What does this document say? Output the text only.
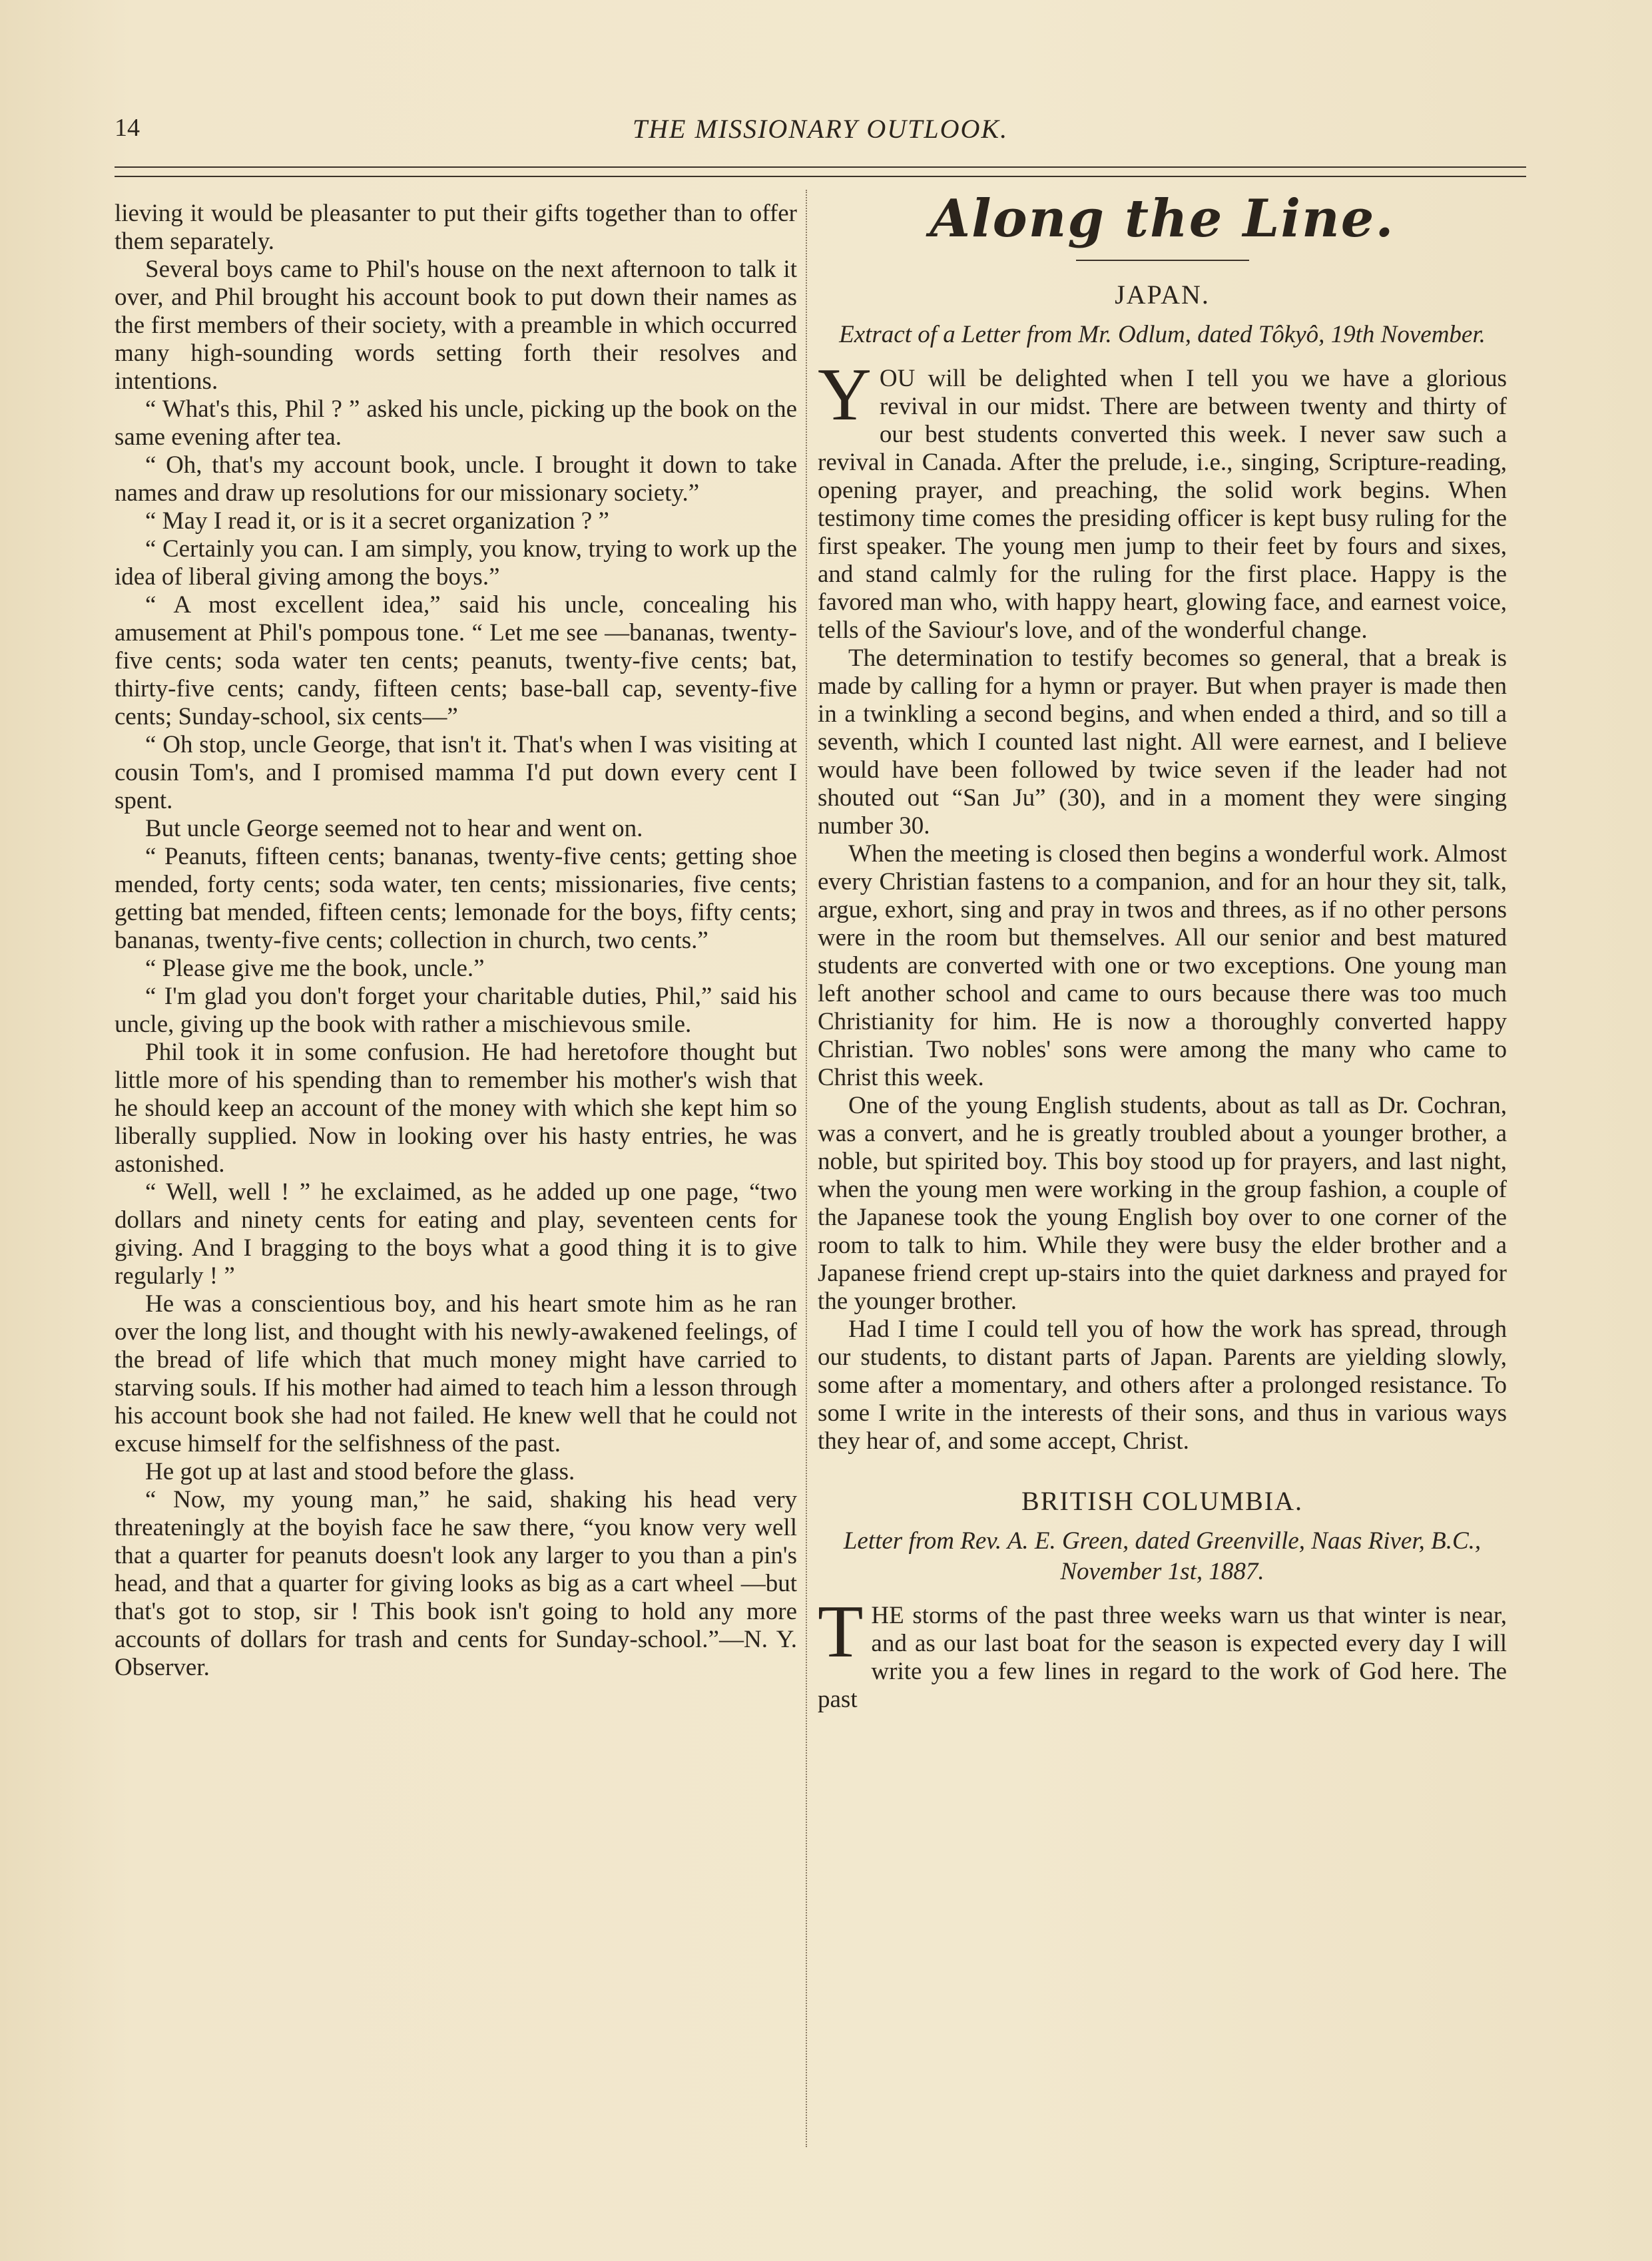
14	THE MISSIONARY OUTLOOK.

lieving it would be pleasanter to put their gifts together than to offer them separately.

Several boys came to Phil's house on the next afternoon to talk it over, and Phil brought his account book to put down their names as the first members of their society, with a preamble in which occurred many high-sounding words setting forth their resolves and intentions.

“ What's this, Phil ? ” asked his uncle, picking up the book on the same evening after tea.

“ Oh, that's my account book, uncle. I brought it down to take names and draw up resolutions for our missionary society.”

“ May I read it, or is it a secret organization ? ”

“ Certainly you can. I am simply, you know, trying to work up the idea of liberal giving among the boys.”

“ A most excellent idea,” said his uncle, concealing his amusement at Phil's pompous tone. “ Let me see —bananas, twenty-five cents; soda water ten cents; peanuts, twenty-five cents; bat, thirty-five cents; candy, fifteen cents; base-ball cap, seventy-five cents; Sunday-school, six cents—”

“ Oh stop, uncle George, that isn't it. That's when I was visiting at cousin Tom's, and I promised mamma I'd put down every cent I spent.

But uncle George seemed not to hear and went on.

“ Peanuts, fifteen cents; bananas, twenty-five cents; getting shoe mended, forty cents; soda water, ten cents; missionaries, five cents; getting bat mended, fifteen cents; lemonade for the boys, fifty cents; bananas, twenty-five cents; collection in church, two cents.”

“ Please give me the book, uncle.”

“ I'm glad you don't forget your charitable duties, Phil,” said his uncle, giving up the book with rather a mischievous smile.

Phil took it in some confusion. He had heretofore thought but little more of his spending than to remember his mother's wish that he should keep an account of the money with which she kept him so liberally supplied. Now in looking over his hasty entries, he was astonished.

“ Well, well ! ” he exclaimed, as he added up one page, “two dollars and ninety cents for eating and play, seventeen cents for giving. And I bragging to the boys what a good thing it is to give regularly ! ”

He was a conscientious boy, and his heart smote him as he ran over the long list, and thought with his newly-awakened feelings, of the bread of life which that much money might have carried to starving souls. If his mother had aimed to teach him a lesson through his account book she had not failed. He knew well that he could not excuse himself for the selfishness of the past.

He got up at last and stood before the glass.

“ Now, my young man,” he said, shaking his head very threateningly at the boyish face he saw there, “you know very well that a quarter for peanuts doesn't look any larger to you than a pin's head, and that a quarter for giving looks as big as a cart wheel —but that's got to stop, sir ! This book isn't going to hold any more accounts of dollars for trash and cents for Sunday-school.”—N. Y. Observer.

Along the Line.
JAPAN.
Extract of a Letter from Mr. Odlum, dated Tôkyô, 19th November.

YOU will be delighted when I tell you we have a glorious revival in our midst. There are between twenty and thirty of our best students converted this week. I never saw such a revival in Canada. After the prelude, i.e., singing, Scripture-reading, opening prayer, and preaching, the solid work begins. When testimony time comes the presiding officer is kept busy ruling for the first speaker. The young men jump to their feet by fours and sixes, and stand calmly for the ruling for the first place. Happy is the favored man who, with happy heart, glowing face, and earnest voice, tells of the Saviour's love, and of the wonderful change.

The determination to testify becomes so general, that a break is made by calling for a hymn or prayer. But when prayer is made then in a twinkling a second begins, and when ended a third, and so till a seventh, which I counted last night. All were earnest, and I believe would have been followed by twice seven if the leader had not shouted out “San Ju” (30), and in a moment they were singing number 30.

When the meeting is closed then begins a wonderful work. Almost every Christian fastens to a companion, and for an hour they sit, talk, argue, exhort, sing and pray in twos and threes, as if no other persons were in the room but themselves. All our senior and best matured students are converted with one or two exceptions. One young man left another school and came to ours because there was too much Christianity for him. He is now a thoroughly converted happy Christian. Two nobles' sons were among the many who came to Christ this week.

One of the young English students, about as tall as Dr. Cochran, was a convert, and he is greatly troubled about a younger brother, a noble, but spirited boy. This boy stood up for prayers, and last night, when the young men were working in the group fashion, a couple of the Japanese took the young English boy over to one corner of the room to talk to him. While they were busy the elder brother and a Japanese friend crept up-stairs into the quiet darkness and prayed for the younger brother.

Had I time I could tell you of how the work has spread, through our students, to distant parts of Japan. Parents are yielding slowly, some after a momentary, and others after a prolonged resistance. To some I write in the interests of their sons, and thus in various ways they hear of, and some accept, Christ.

BRITISH COLUMBIA.
Letter from Rev. A. E. Green, dated Greenville, Naas River, B.C., November 1st, 1887.

THE storms of the past three weeks warn us that winter is near, and as our last boat for the season is expected every day I will write you a few lines in regard to the work of God here. The past
